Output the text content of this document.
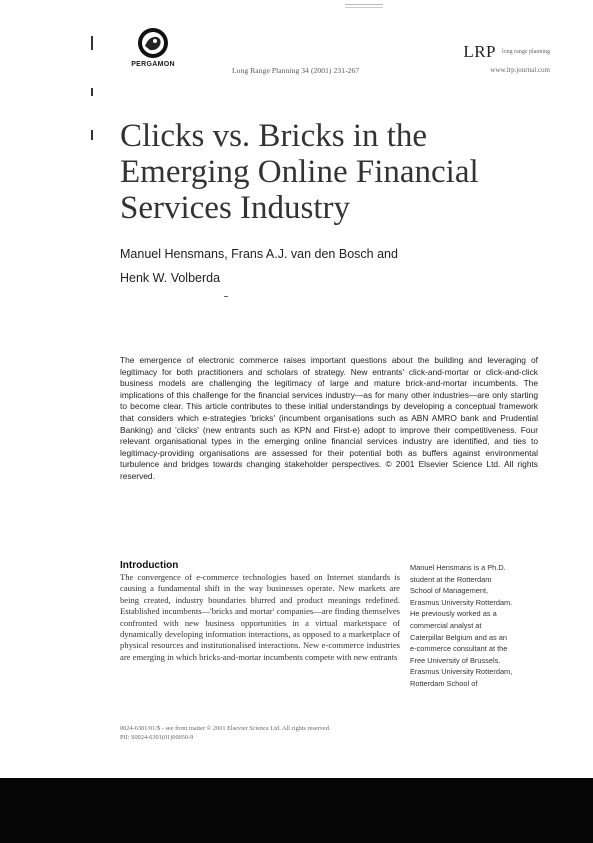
PERGAMON
Long Range Planning 34 (2001) 231-267
LRP $^{long range planning}$
www.lrp.journal.com
Clicks vs. Bricks in the
Emerging Online Financial
Services Industry
Manuel Hensmans, Frans A.J. van den Bosch and
Henk W. Volberda
The emergence of electronic commerce raises important questions about the building and leveraging of legitimacy for both practitioners and scholars of strategy. New entrants' click-and-mortar or click-and-click business models are challenging the legitimacy of large and mature brick-and-mortar incumbents. The implications of this challenge for the financial services industry—as for many other industries—are only starting to become clear. This article contributes to these initial understandings by developing a conceptual framework that considers which e-strategies 'bricks' (incumbent organisations such as ABN AMRO bank and Prudential Banking) and 'clicks' (new entrants such as KPN and First-e) adopt to improve their competitiveness. Four relevant organisational types in the emerging online financial services industry are identified, and ties to legitimacy-providing organisations are assessed for their potential both as buffers against environmental turbulence and bridges towards changing stakeholder perspectives. © 2001 Elsevier Science Ltd. All rights reserved.
Introduction
The convergence of e-commerce technologies based on Internet standards is causing a fundamental shift in the way businesses operate. New markets are being created, industry boundaries blurred and product meanings redefined. Established incumbents—'bricks and mortar' companies—are finding themselves confronted with new business opportunities in a virtual marketspace of dynamically developing information interactions, as opposed to a marketplace of physical resources and institutionalised interactions. New e-commerce industries are emerging in which bricks-and-mortar incumbents compete with new entrants
Manuel Hensmans is a Ph.D.
student at the Rotterdam
School of Management,
Erasmus University Rotterdam.
He previously worked as a
commercial analyst at
Caterpillar Belgium and as an
e-commerce consultant at the
Free University of Brussels.
Erasmus University Rotterdam,
Rotterdam School of
0024-6301/01/$ - see front matter © 2001 Elsevier Science Ltd. All rights reserved.
PII: S0024-6301(01)00050-9
